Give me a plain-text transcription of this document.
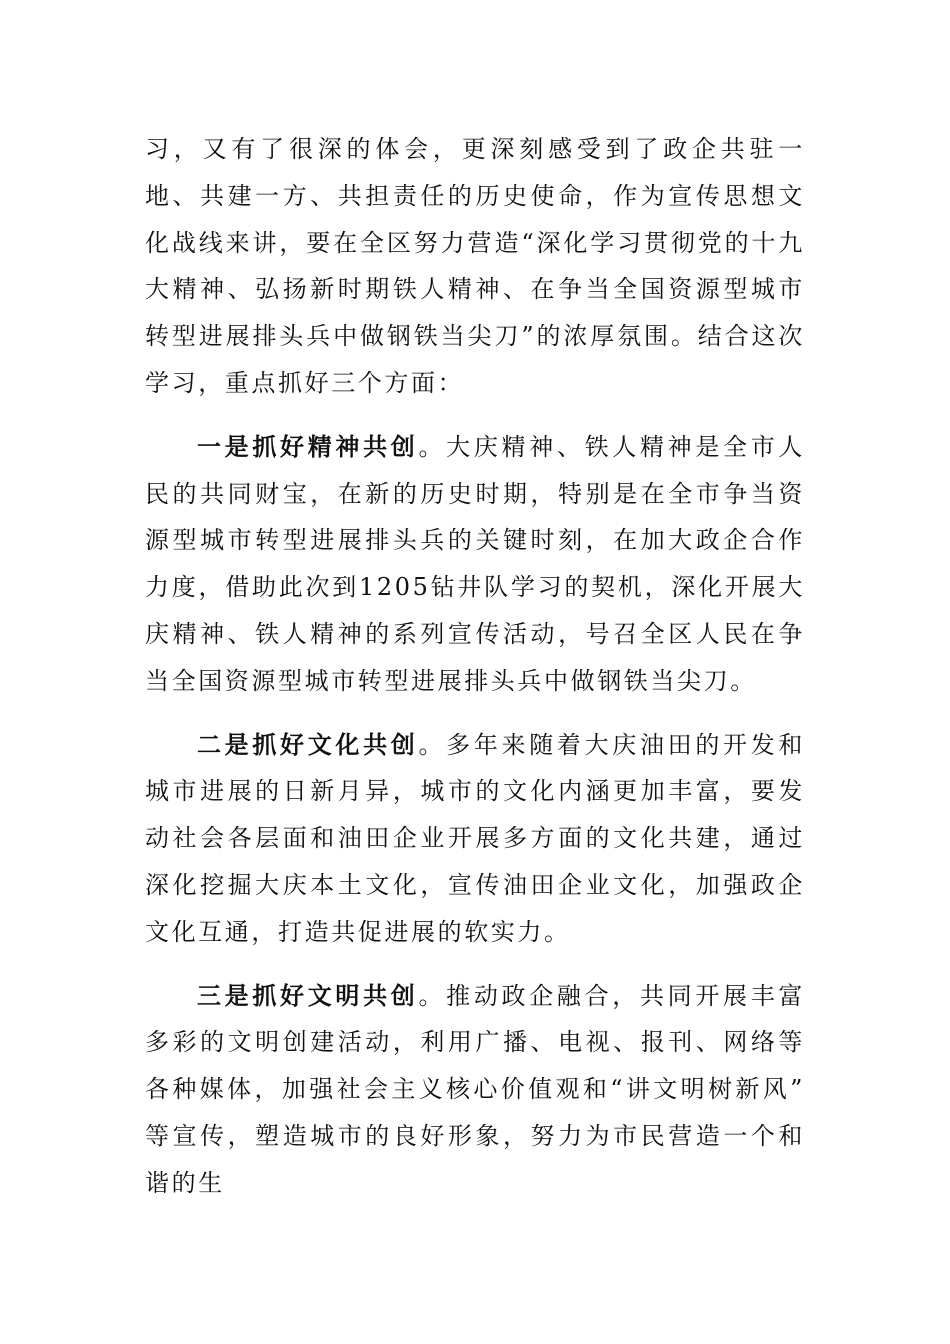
习，又有了很深的体会，更深刻感受到了政企共驻一地、共建一方、共担责任的历史使命，作为宣传思想文化战线来讲，要在全区努力营造“深化学习贯彻党的十九大精神、弘扬新时期铁人精神、在争当全国资源型城市转型进展排头兵中做钢铁当尖刀”的浓厚氛围。结合这次学习，重点抓好三个方面：

一是抓好精神共创。大庆精神、铁人精神是全市人民的共同财宝，在新的历史时期，特别是在全市争当资源型城市转型进展排头兵的关键时刻，在加大政企合作力度，借助此次到1205钻井队学习的契机，深化开展大庆精神、铁人精神的系列宣传活动，号召全区人民在争当全国资源型城市转型进展排头兵中做钢铁当尖刀。

二是抓好文化共创。多年来随着大庆油田的开发和城市进展的日新月异，城市的文化内涵更加丰富，要发动社会各层面和油田企业开展多方面的文化共建，通过深化挖掘大庆本土文化，宣传油田企业文化，加强政企文化互通，打造共促进展的软实力。

三是抓好文明共创。推动政企融合，共同开展丰富多彩的文明创建活动，利用广播、电视、报刊、网络等各种媒体，加强社会主义核心价值观和“讲文明树新风” 等宣传，塑造城市的良好形象，努力为市民营造一个和谐的生
